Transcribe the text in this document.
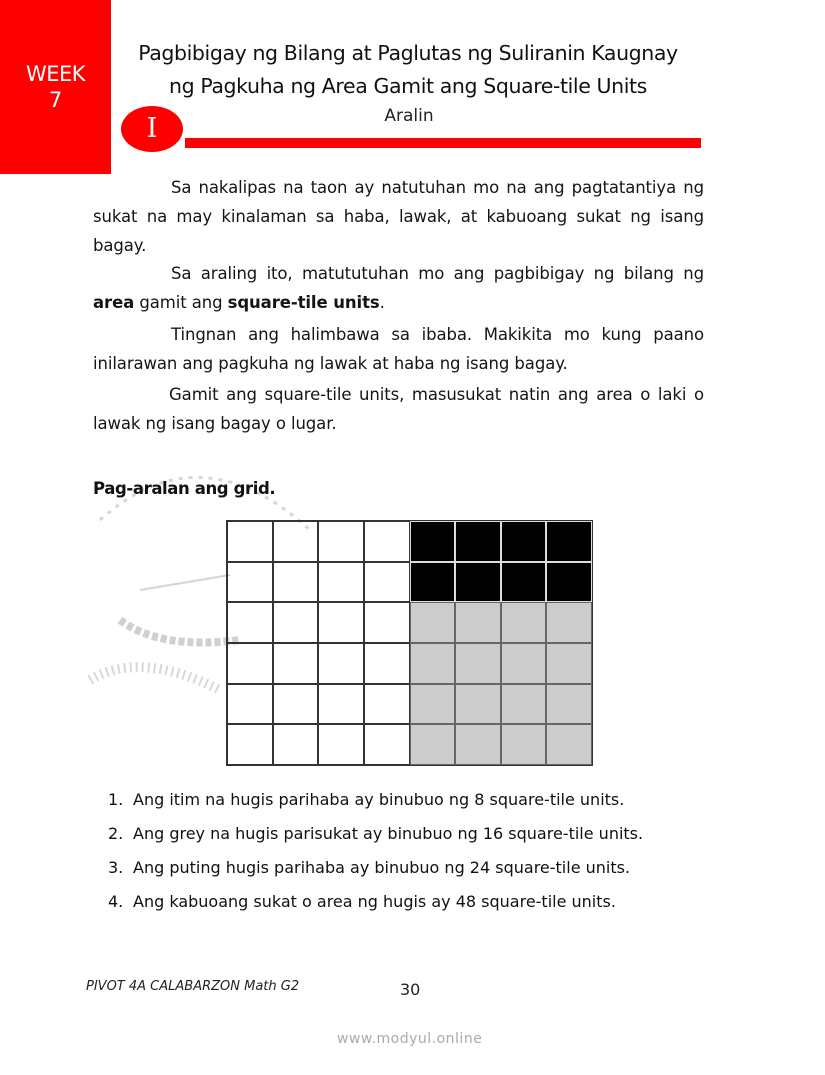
WEEK
7
Pagbibigay ng Bilang at Paglutas ng Suliranin Kaugnay
ng Pagkuha ng Area Gamit ang Square-tile Units
I	Aralin
Sa nakalipas na taon ay natutuhan mo na ang pagtatantiya ng sukat na may kinalaman sa haba, lawak, at kabuoang sukat ng isang bagay.
Sa araling ito, matututuhan mo ang pagbibigay ng bilang ng area gamit ang square-tile units.
Tingnan ang halimbawa sa ibaba. Makikita mo kung paano inilarawan ang pagkuha ng lawak at haba ng isang bagay.
Gamit ang square-tile units, masusukat natin ang area o laki o lawak ng isang bagay o lugar.
Pag-aralan ang grid.
1. Ang itim na hugis parihaba ay binubuo ng 8 square-tile units.
2. Ang grey na hugis parisukat ay binubuo ng 16 square-tile units.
3. Ang puting hugis parihaba ay binubuo ng 24 square-tile units.
4. Ang kabuoang sukat o area ng hugis ay 48 square-tile units.
PIVOT 4A CALABARZON Math G2	30
www.modyul.online
